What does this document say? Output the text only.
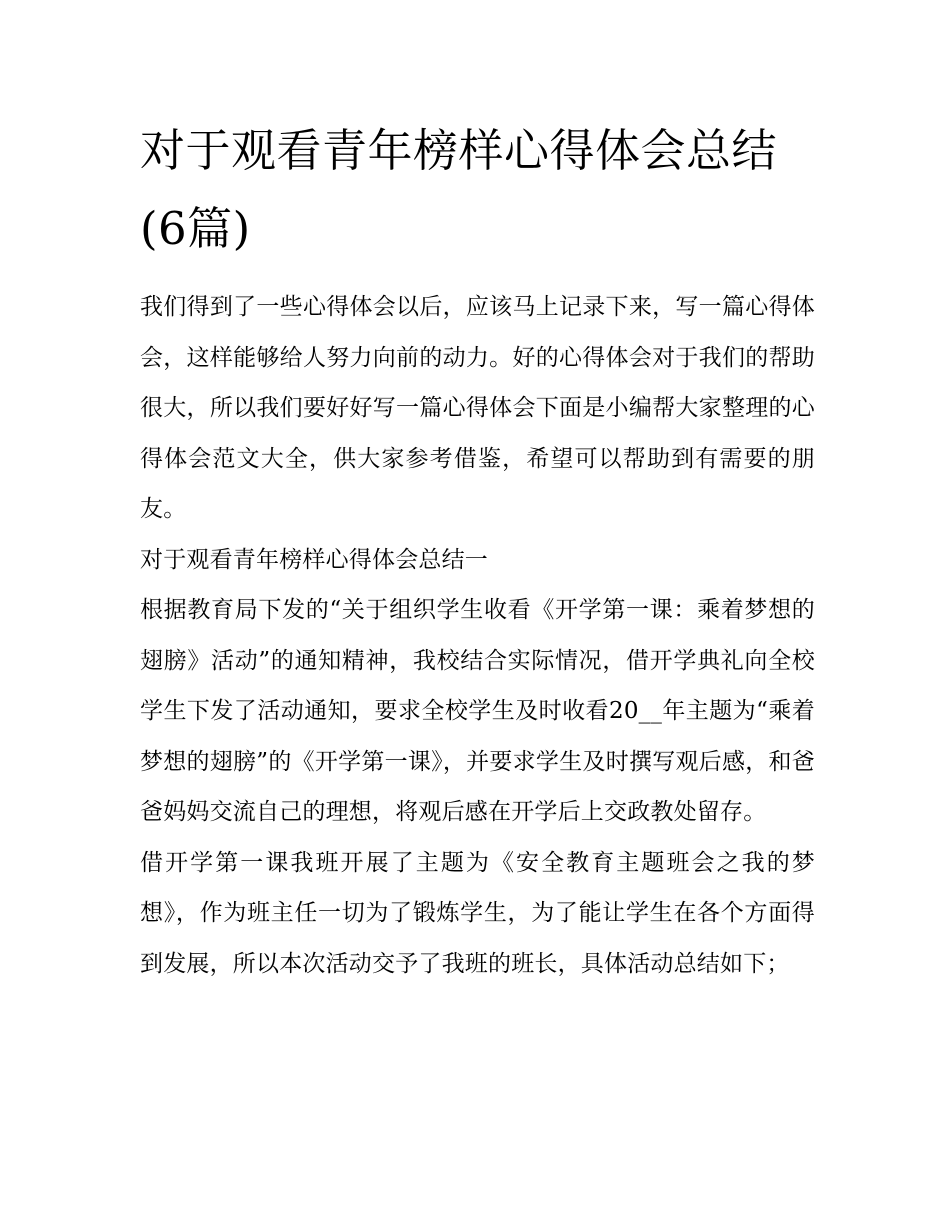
对于观看青年榜样心得体会总结(6篇)

我们得到了一些心得体会以后，应该马上记录下来，写一篇心得体会，这样能够给人努力向前的动力。好的心得体会对于我们的帮助很大，所以我们要好好写一篇心得体会下面是小编帮大家整理的心得体会范文大全，供大家参考借鉴，希望可以帮助到有需要的朋友。

对于观看青年榜样心得体会总结一

根据教育局下发的“关于组织学生收看《开学第一课：乘着梦想的翅膀》活动”的通知精神，我校结合实际情况，借开学典礼向全校学生下发了活动通知，要求全校学生及时收看20__年主题为“乘着梦想的翅膀”的《开学第一课》，并要求学生及时撰写观后感，和爸爸妈妈交流自己的理想，将观后感在开学后上交政教处留存。

借开学第一课我班开展了主题为《安全教育主题班会之我的梦想》，作为班主任一切为了锻炼学生，为了能让学生在各个方面得到发展，所以本次活动交予了我班的班长，具体活动总结如下；
